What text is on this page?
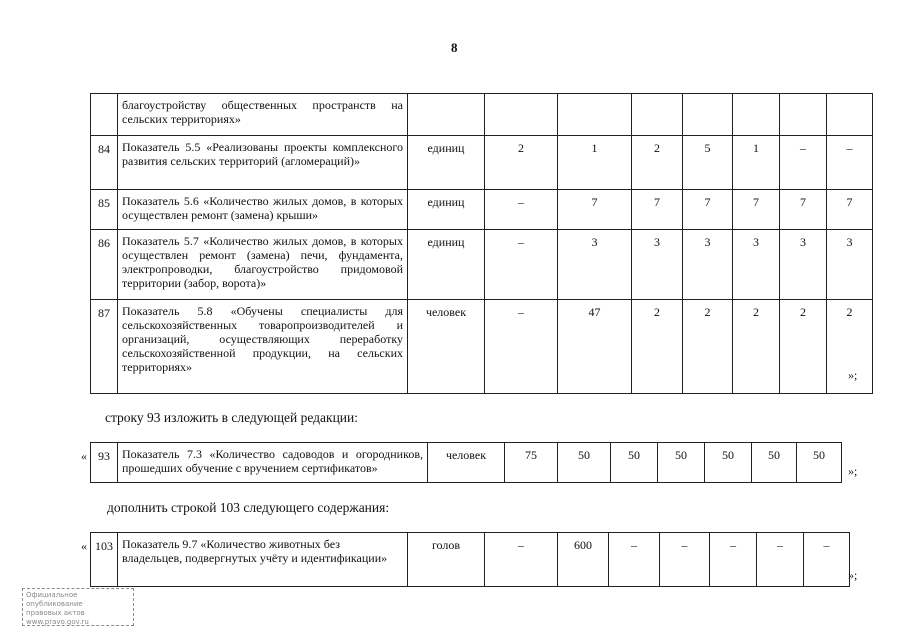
8
	благоустройству общественных пространств на сельских территориях»								
84	Показатель 5.5 «Реализованы проекты комплексного развития сельских территорий (агломераций)»	единиц	2	1	2	5	1	–	–
85	Показатель 5.6 «Количество жилых домов, в которых осуществлен ремонт (замена) крыши»	единиц	–	7	7	7	7	7	7
86	Показатель 5.7 «Количество жилых домов, в которых осуществлен ремонт (замена) печи, фундамента, электропроводки, благоустройство придомовой территории (забор, ворота)»	единиц	–	3	3	3	3	3	3
87	Показатель 5.8 «Обучены специалисты для сельскохозяйственных товаропроизводителей и организаций, осуществляющих переработку сельскохозяйственной продукции, на сельских территориях»	человек	–	47	2	2	2	2	2
»;
строку 93 изложить в следующей редакции:
« 93	Показатель 7.3 «Количество садоводов и огородников, прошедших обучение с вручением сертификатов»	человек	75	50	50	50	50	50	50
»;
дополнить строкой 103 следующего содержания:
« 103	Показатель 9.7 «Количество животных без владельцев, подвергнутых учёту и идентификации»	голов	–	600	–	–	–	–	–
»;
Официальное опубликование
правовых актов
www.pravo.gov.ru
